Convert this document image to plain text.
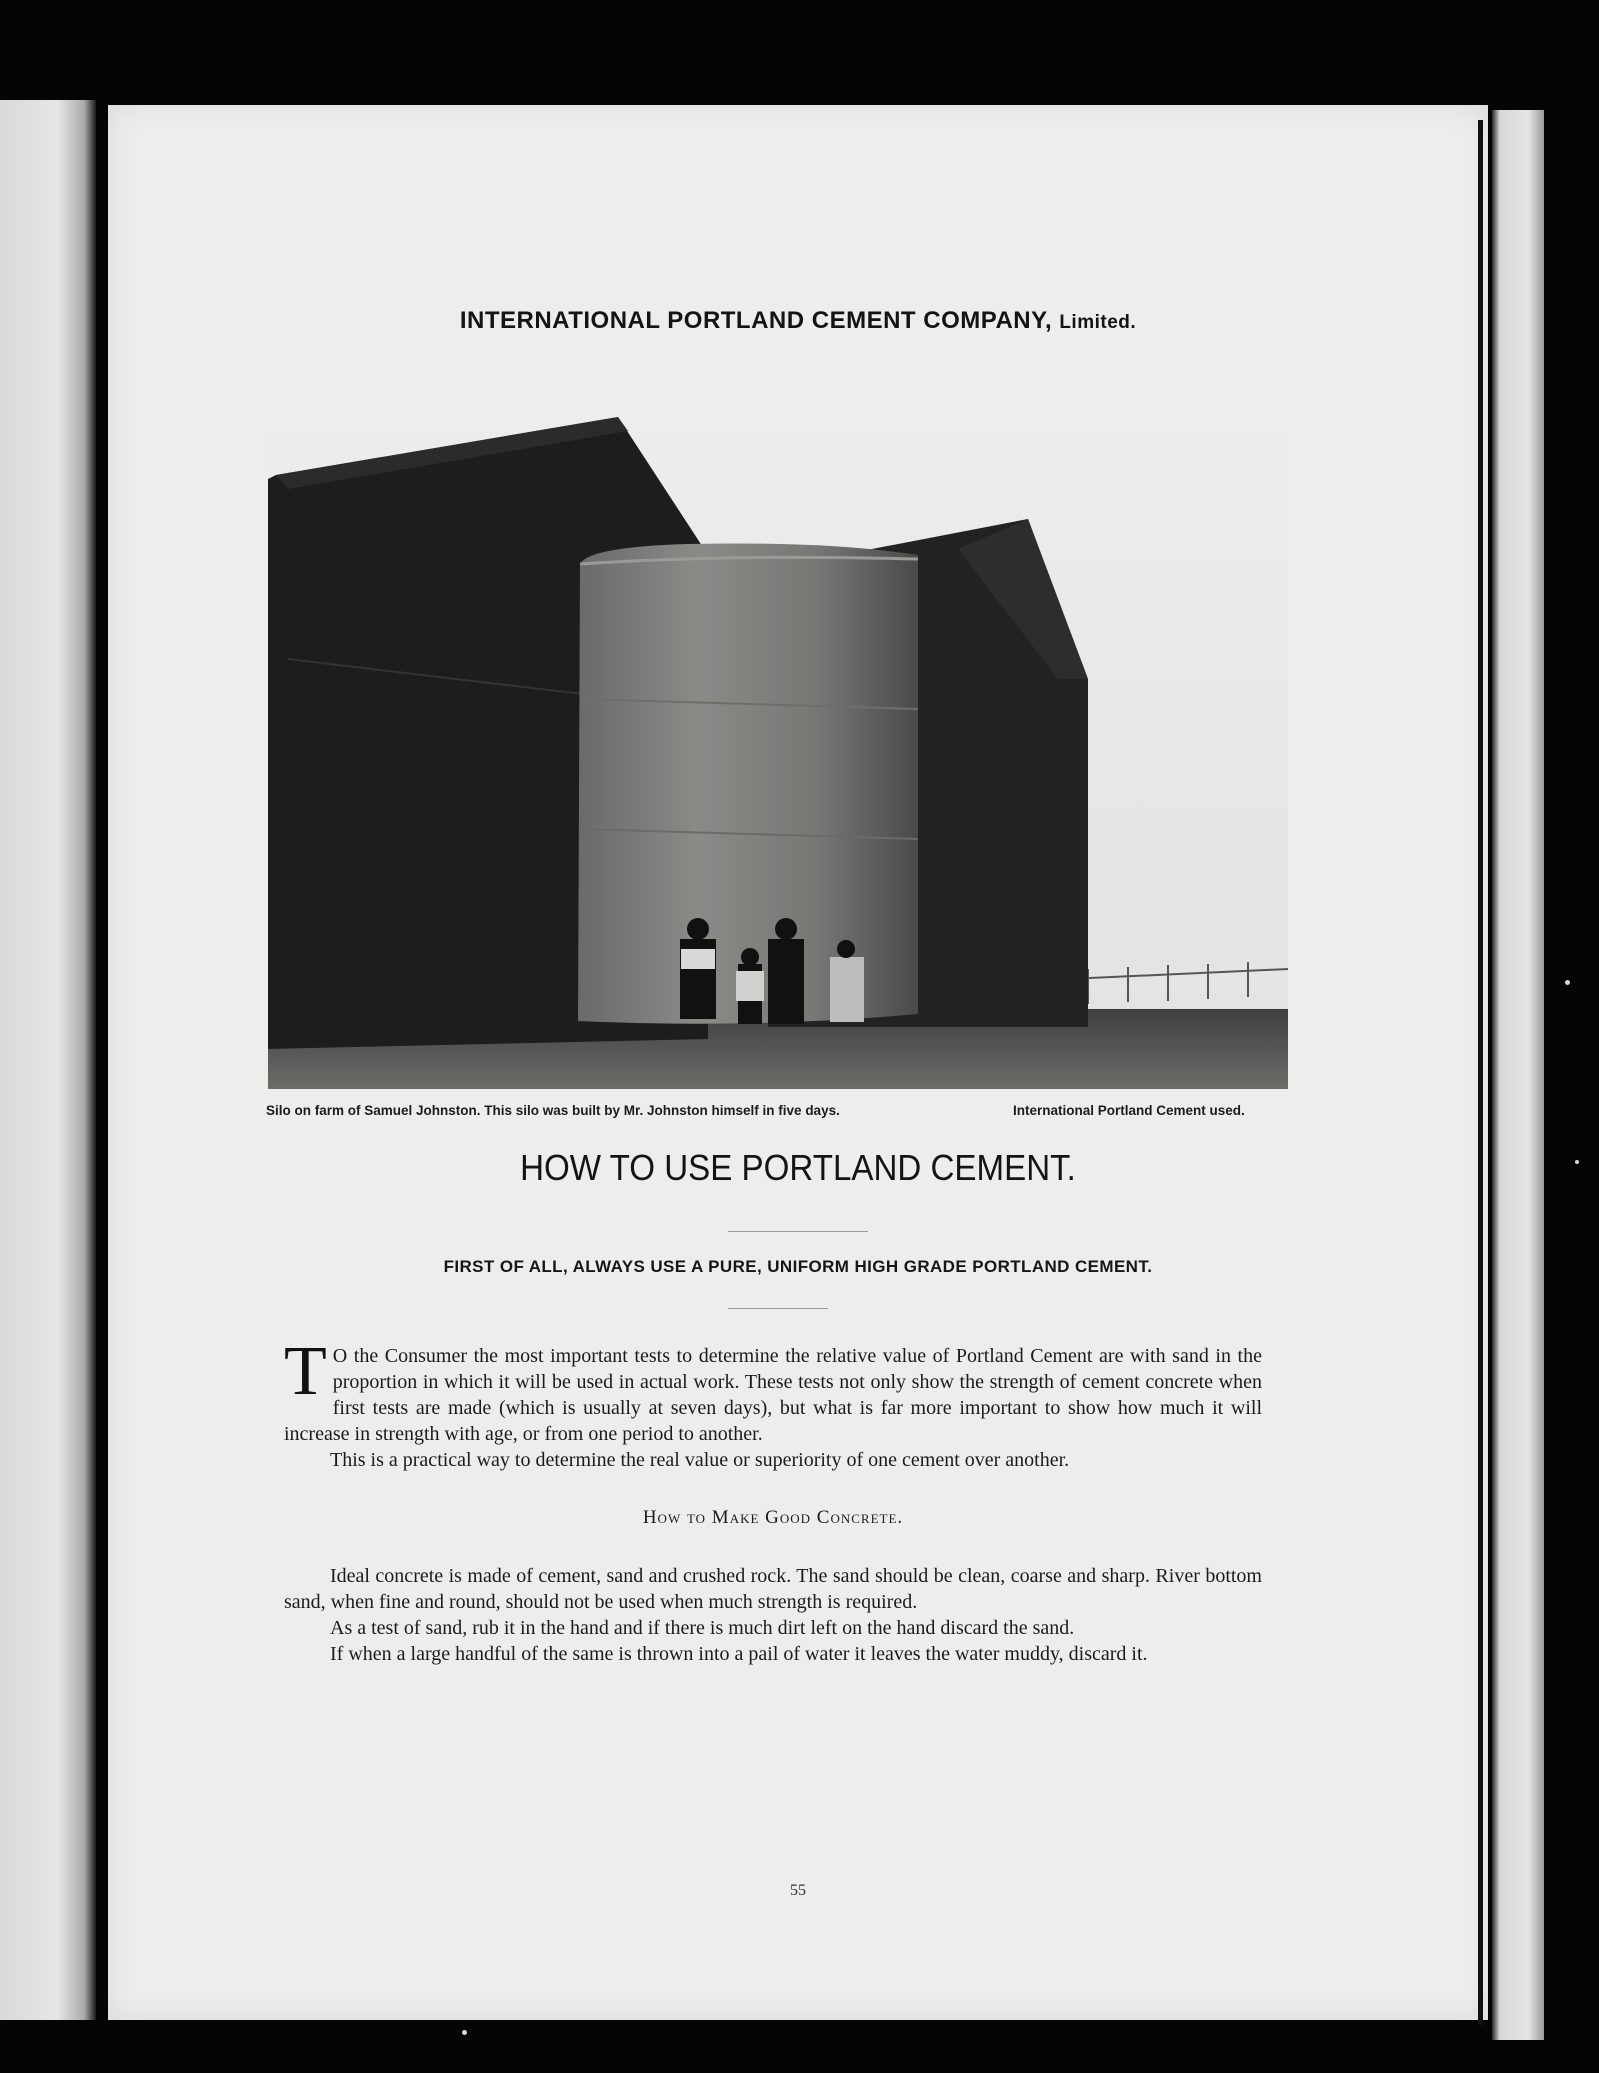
INTERNATIONAL PORTLAND CEMENT COMPANY, Limited.
Silo on farm of Samuel Johnston. This silo was built by Mr. Johnston himself in five days.	International Portland Cement used.
HOW TO USE PORTLAND CEMENT.
FIRST OF ALL, ALWAYS USE A PURE, UNIFORM HIGH GRADE PORTLAND CEMENT.

T O the Consumer the most important tests to determine the relative value of Portland Cement are with sand in the proportion in which it will be used in actual work. These tests not only show the strength of cement concrete when first tests are made (which is usually at seven days), but what is far more important to show how much it will increase in strength with age, or from one period to another.

This is a practical way to determine the real value or superiority of one cement over another.

How to Make Good Concrete.

Ideal concrete is made of cement, sand and crushed rock. The sand should be clean, coarse and sharp. River bottom sand, when fine and round, should not be used when much strength is required.

As a test of sand, rub it in the hand and if there is much dirt left on the hand discard the sand.

If when a large handful of the same is thrown into a pail of water it leaves the water muddy, discard it.

55
